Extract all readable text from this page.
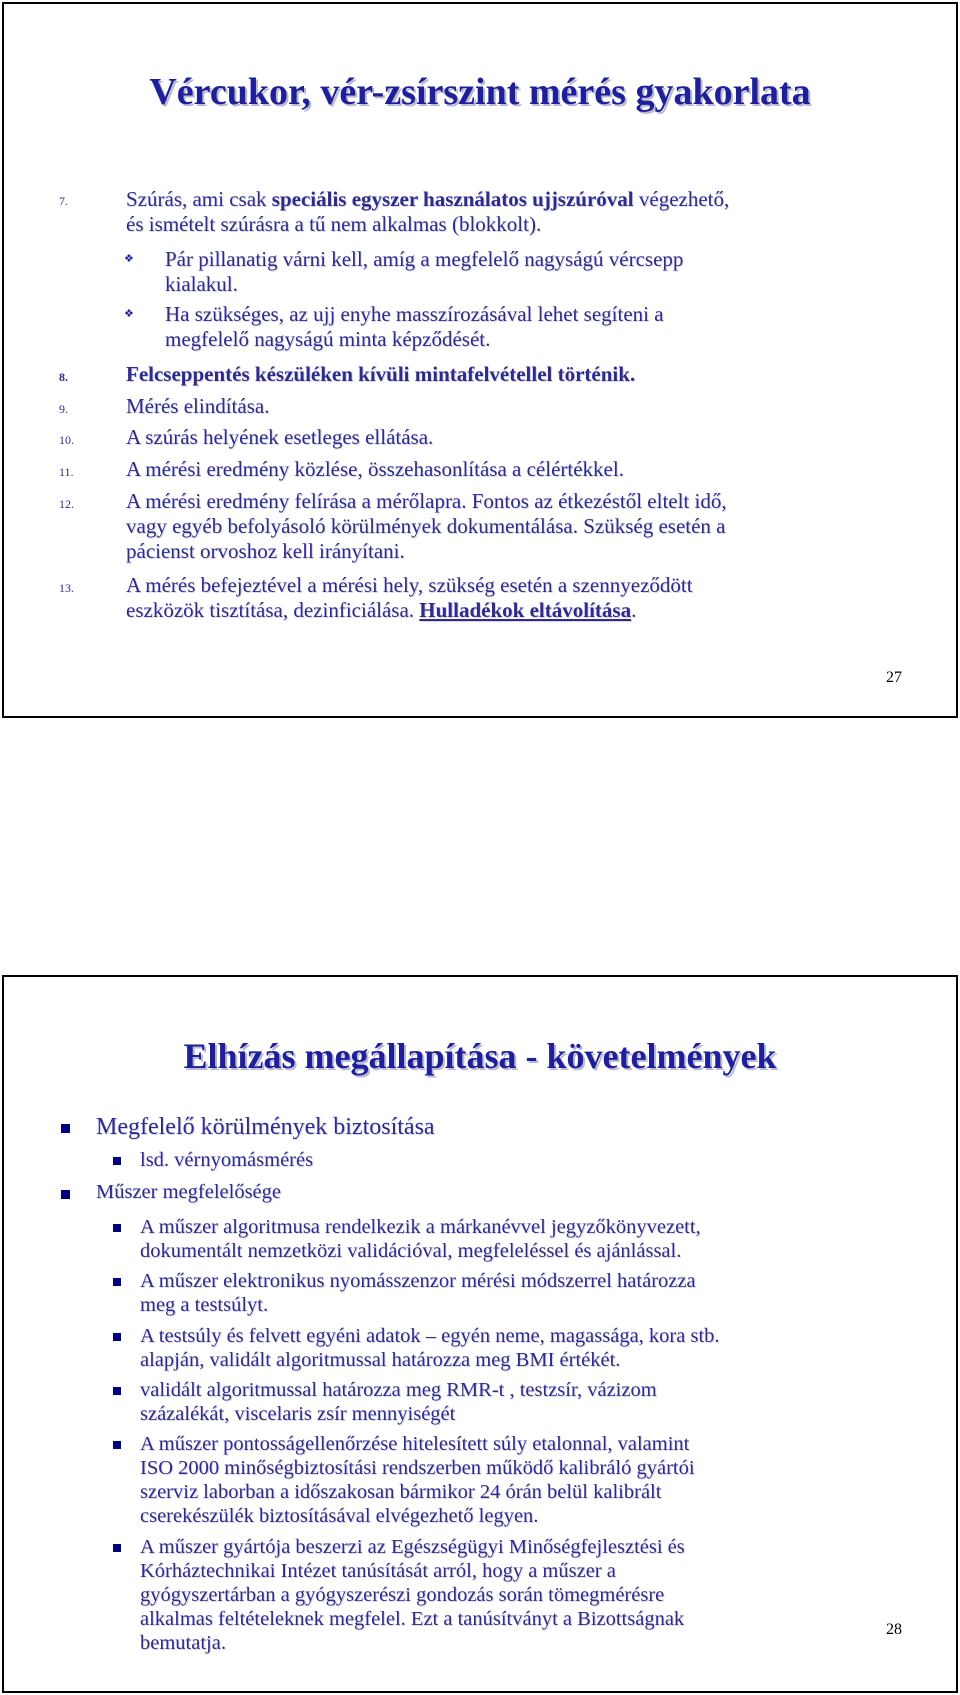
Vércukor, vér-zsírszint mérés gyakorlata
7.	Szúrás, ami csak speciális egyszer használatos ujjszúróval végezhető,
és ismételt szúrásra a tű nem alkalmas (blokkolt).
❖ Pár pillanatig várni kell, amíg a megfelelő nagyságú vércsepp
kialakul.
❖ Ha szükséges, az ujj enyhe masszírozásával lehet segíteni a
megfelelő nagyságú minta képződését.
8.	Felcseppentés készüléken kívüli mintafelvétellel történik.
9.	Mérés elindítása.
10. A szúrás helyének esetleges ellátása.
11. A mérési eredmény közlése, összehasonlítása a célértékkel.
12. A mérési eredmény felírása a mérőlapra. Fontos az étkezéstől eltelt idő,
vagy egyéb befolyásoló körülmények dokumentálása. Szükség esetén a
pácienst orvoshoz kell irányítani.
13. A mérés befejeztével a mérési hely, szükség esetén a szennyeződött
eszközök tisztítása, dezinficiálása. Hulladékok eltávolítása.
27
Elhízás megállapítása - követelmények
Megfelelő körülmények biztosítása
lsd. vérnyomásmérés
Műszer megfelelősége
A műszer algoritmusa rendelkezik a márkanévvel jegyzőkönyvezett,
dokumentált nemzetközi validációval, megfeleléssel és ajánlással.
A műszer elektronikus nyomásszenzor mérési módszerrel határozza
meg a testsúlyt.
A testsúly és felvett egyéni adatok – egyén neme, magassága, kora stb.
alapján, validált algoritmussal határozza meg BMI értékét.
validált algoritmussal határozza meg RMR-t , testzsír, vázizom
százalékát, viscelaris zsír mennyiségét
A műszer pontosságellenőrzése hitelesített súly etalonnal, valamint
ISO 2000 minőségbiztosítási rendszerben működő kalibráló gyártói
szerviz laborban a időszakosan bármikor 24 órán belül kalibrált
cserekészülék biztosításával elvégezhető legyen.
A műszer gyártója beszerzi az Egészségügyi Minőségfejlesztési és
Kórháztechnikai Intézet tanúsítását arról, hogy a műszer a
gyógyszertárban a gyógyszerészi gondozás során tömegmérésre
alkalmas feltételeknek megfelel. Ezt a tanúsítványt a Bizottságnak
bemutatja.
28
